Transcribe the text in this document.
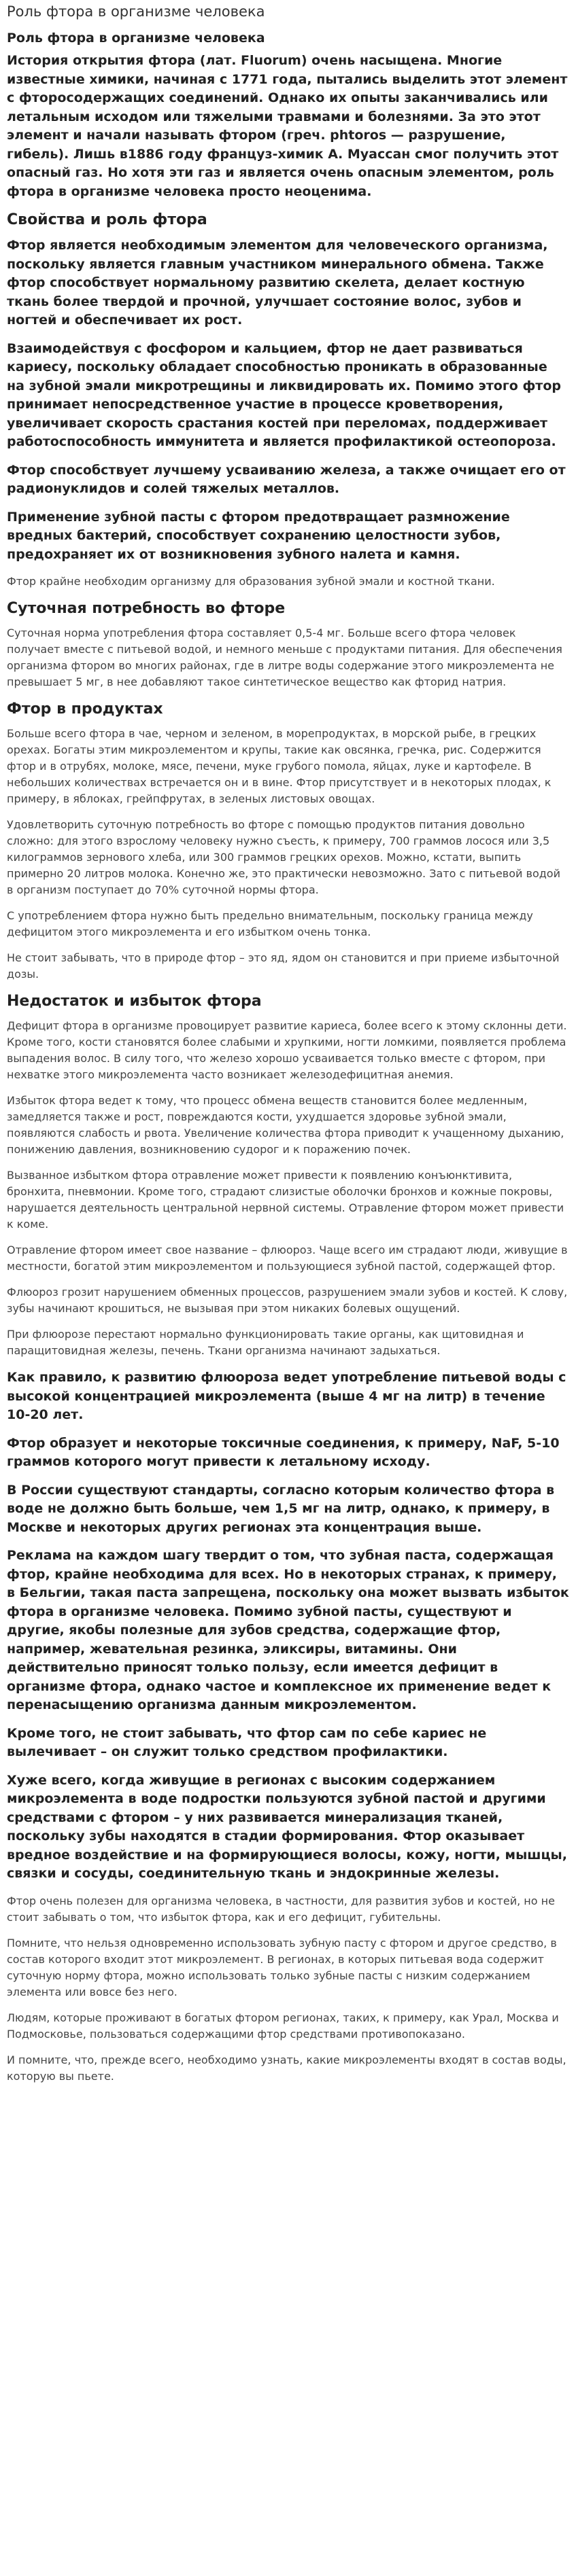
Роль фтора в организме человека
Роль фтора в организме человека

История открытия фтора (лат. Fluorum) очень насыщена. Многие известные химики, начиная с 1771 года, пытались выделить этот элемент с фторосодержащих соединений. Однако их опыты заканчивались или летальным исходом или тяжелыми травмами и болезнями. За это этот элемент и начали называть фтором (греч. phtoros — разрушение, гибель). Лишь в1886 году француз-химик А. Муассан смог получить этот опасный газ. Но хотя эти газ и является очень опасным элементом, роль фтора в организме человека просто неоценима.

Свойства и роль фтора

Фтор является необходимым элементом для человеческого организма, поскольку является главным участником минерального обмена. Также фтор способствует нормальному развитию скелета, делает костную ткань более твердой и прочной, улучшает состояние волос, зубов и ногтей и обеспечивает их рост.

Взаимодействуя с фосфором и кальцием, фтор не дает развиваться кариесу, поскольку обладает способностью проникать в образованные на зубной эмали микротрещины и ликвидировать их. Помимо этого фтор принимает непосредственное участие в процессе кроветворения, увеличивает скорость срастания костей при переломах, поддерживает работоспособность иммунитета и является профилактикой остеопороза.

Фтор способствует лучшему усваиванию железа, а также очищает его от радионуклидов и солей тяжелых металлов.

Применение зубной пасты с фтором предотвращает размножение вредных бактерий, способствует сохранению целостности зубов, предохраняет их от возникновения зубного налета и камня.

Фтор крайне необходим организму для образования зубной эмали и костной ткани.

Суточная потребность во фторе

Суточная норма употребления фтора составляет 0,5-4 мг. Больше всего фтора человек получает вместе с питьевой водой, и немного меньше с продуктами питания. Для обеспечения организма фтором во многих районах, где в литре воды содержание этого микроэлемента не превышает 5 мг, в нее добавляют такое синтетическое вещество как фторид натрия.

Фтор в продуктах

Больше всего фтора в чае, черном и зеленом, в морепродуктах, в морской рыбе, в грецких орехах. Богаты этим микроэлементом и крупы, такие как овсянка, гречка, рис. Содержится фтор и в отрубях, молоке, мясе, печени, муке грубого помола, яйцах, луке и картофеле. В небольших количествах встречается он и в вине. Фтор присутствует и в некоторых плодах, к примеру, в яблоках, грейпфрутах, в зеленых листовых овощах.

Удовлетворить суточную потребность во фторе с помощью продуктов питания довольно сложно: для этого взрослому человеку нужно съесть, к примеру, 700 граммов лосося или 3,5 килограммов зернового хлеба, или 300 граммов грецких орехов. Можно, кстати, выпить примерно 20 литров молока. Конечно же, это практически невозможно. Зато с питьевой водой в организм поступает до 70% суточной нормы фтора.

С употреблением фтора нужно быть предельно внимательным, поскольку граница между дефицитом этого микроэлемента и его избытком очень тонка.

Не стоит забывать, что в природе фтор – это яд, ядом он становится и при приеме избыточной дозы.

Недостаток и избыток фтора

Дефицит фтора в организме провоцирует развитие кариеса, более всего к этому склонны дети. Кроме того, кости становятся более слабыми и хрупкими, ногти ломкими, появляется проблема выпадения волос. В силу того, что железо хорошо усваивается только вместе с фтором, при нехватке этого микроэлемента часто возникает железодефицитная анемия.

Избыток фтора ведет к тому, что процесс обмена веществ становится более медленным, замедляется также и рост, повреждаются кости, ухудшается здоровье зубной эмали, появляются слабость и рвота. Увеличение количества фтора приводит к учащенному дыханию, понижению давления, возникновению судорог и к поражению почек.

Вызванное избытком фтора отравление может привести к появлению конъюнктивита, бронхита, пневмонии. Кроме того, страдают слизистые оболочки бронхов и кожные покровы, нарушается деятельность центральной нервной системы. Отравление фтором может привести к коме.

Отравление фтором имеет свое название – флюороз. Чаще всего им страдают люди, живущие в местности, богатой этим микроэлементом и пользующиеся зубной пастой, содержащей фтор.

Флюороз грозит нарушением обменных процессов, разрушением эмали зубов и костей. К слову, зубы начинают крошиться, не вызывая при этом никаких болевых ощущений.

При флюорозе перестают нормально функционировать такие органы, как щитовидная и паращитовидная железы, печень. Ткани организма начинают задыхаться.

Как правило, к развитию флюороза ведет употребление питьевой воды с высокой концентрацией микроэлемента (выше 4 мг на литр) в течение 10-20 лет.

Фтор образует и некоторые токсичные соединения, к примеру, NaF, 5-10 граммов которого могут привести к летальному исходу.

В России существуют стандарты, согласно которым количество фтора в воде не должно быть больше, чем 1,5 мг на литр, однако, к примеру, в Москве и некоторых других регионах эта концентрация выше.

Реклама на каждом шагу твердит о том, что зубная паста, содержащая фтор, крайне необходима для всех. Но в некоторых странах, к примеру, в Бельгии, такая паста запрещена, поскольку она может вызвать избыток фтора в организме человека. Помимо зубной пасты, существуют и другие, якобы полезные для зубов средства, содержащие фтор, например, жевательная резинка, эликсиры, витамины. Они действительно приносят только пользу, если имеется дефицит в организме фтора, однако частое и комплексное их применение ведет к перенасыщению организма данным микроэлементом.

Кроме того, не стоит забывать, что фтор сам по себе кариес не вылечивает – он служит только средством профилактики.

Хуже всего, когда живущие в регионах с высоким содержанием микроэлемента в воде подростки пользуются зубной пастой и другими средствами с фтором – у них развивается минерализация тканей, поскольку зубы находятся в стадии формирования. Фтор оказывает вредное воздействие и на формирующиеся волосы, кожу, ногти, мышцы, связки и сосуды, соединительную ткань и эндокринные железы.

Фтор очень полезен для организма человека, в частности, для развития зубов и костей, но не стоит забывать о том, что избыток фтора, как и его дефицит, губительны.

Помните, что нельзя одновременно использовать зубную пасту с фтором и другое средство, в состав которого входит этот микроэлемент. В регионах, в которых питьевая вода содержит суточную норму фтора, можно использовать только зубные пасты с низким содержанием элемента или вовсе без него.

Людям, которые проживают в богатых фтором регионах, таких, к примеру, как Урал, Москва и Подмосковье, пользоваться содержащими фтор средствами противопоказано.

И помните, что, прежде всего, необходимо узнать, какие микроэлементы входят в состав воды, которую вы пьете.
